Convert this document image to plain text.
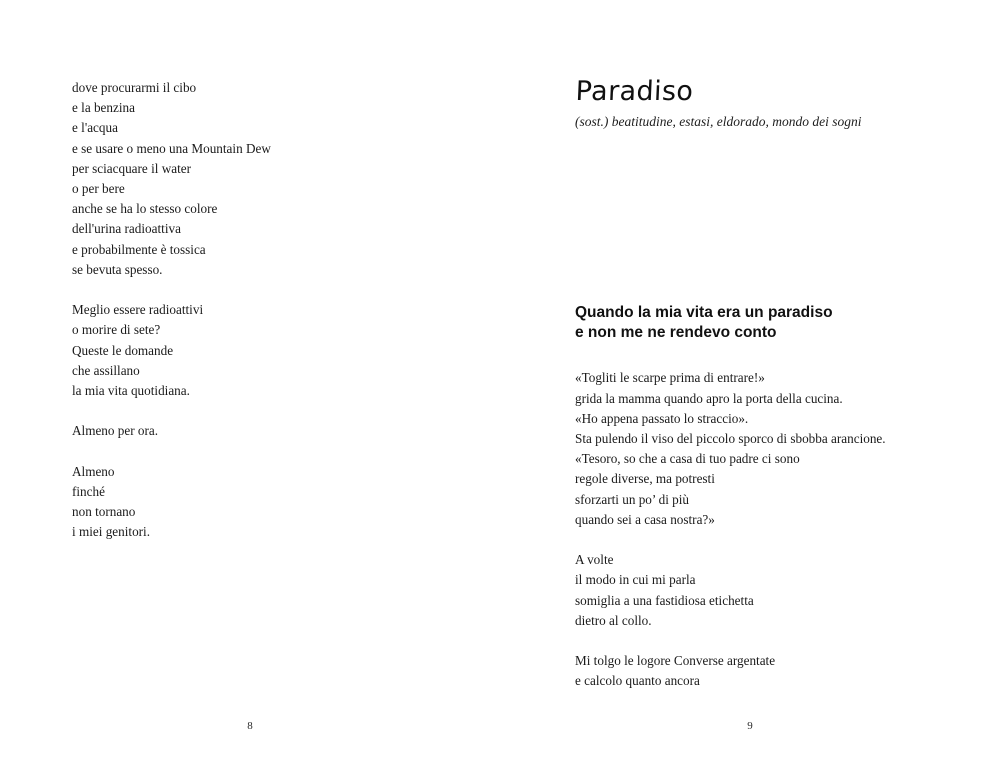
dove procurarmi il cibo
e la benzina
e l'acqua
e se usare o meno una Mountain Dew
per sciacquare il water
o per bere
anche se ha lo stesso colore
dell'urina radioattiva
e probabilmente è tossica
se bevuta spesso.
Meglio essere radioattivi
o morire di sete?
Queste le domande
che assillano
la mia vita quotidiana.
Almeno per ora.
Almeno
finché
non tornano
i miei genitori.
8
Paradiso

(sost.) beatitudine, estasi, eldorado, mondo dei sogni

Quando la mia vita era un paradiso
e non me ne rendevo conto
«Togliti le scarpe prima di entrare!»
grida la mamma quando apro la porta della cucina.
«Ho appena passato lo straccio».
Sta pulendo il viso del piccolo sporco di sbobba arancione.
«Tesoro, so che a casa di tuo padre ci sono
regole diverse, ma potresti
sforzarti un po’ di più
quando sei a casa nostra?»
A volte
il modo in cui mi parla
somiglia a una fastidiosa etichetta
dietro al collo.
Mi tolgo le logore Converse argentate
e calcolo quanto ancora
9
